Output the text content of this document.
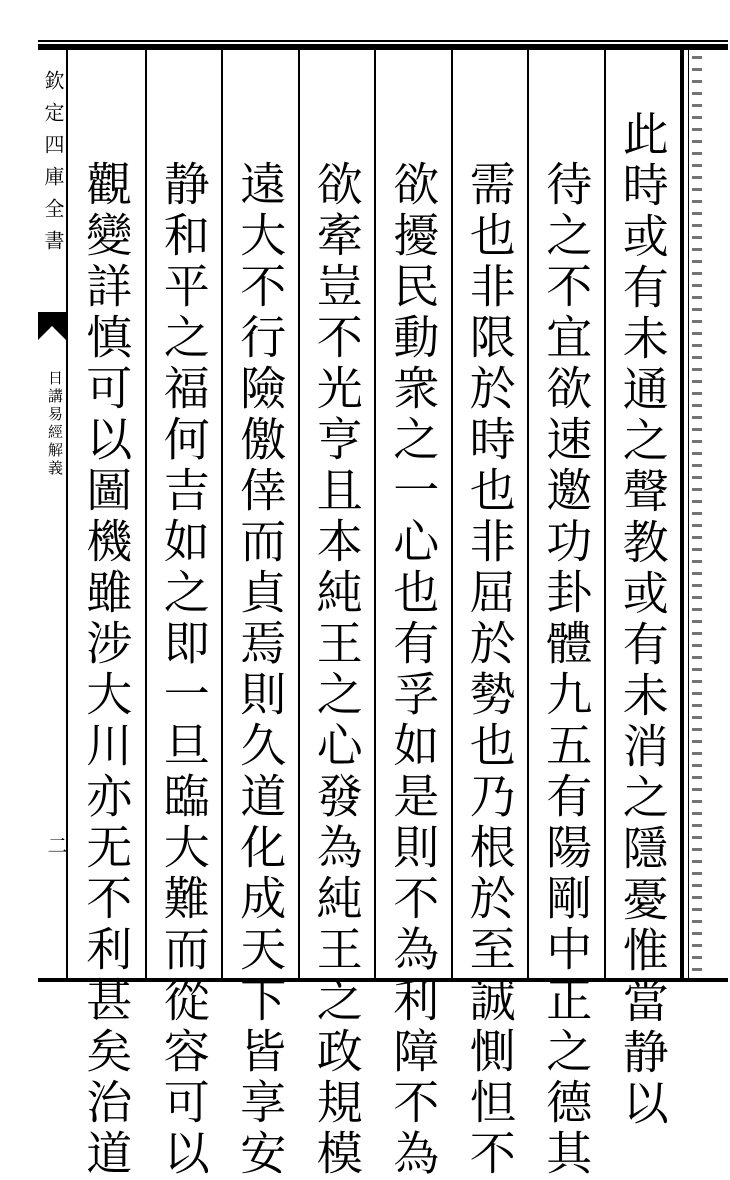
欽定四庫全書
日講易經解義
二	此時或有未通之聲教或有未消之隱憂惟當静以
待之不宜欲速邀功卦體九五有陽剛中正之德其
需也非限於時也非屈於勢也乃根於至誠惻怛不
欲擾民動衆之一心也有孚如是則不為利障不為
欲牽豈不光亨且本純王之心發為純王之政規模
遠大不行險儌倖而貞焉則久道化成天下皆享安
静和平之福何吉如之即一旦臨大難而從容可以
觀變詳慎可以圖機雖涉大川亦无不利甚矣治道
